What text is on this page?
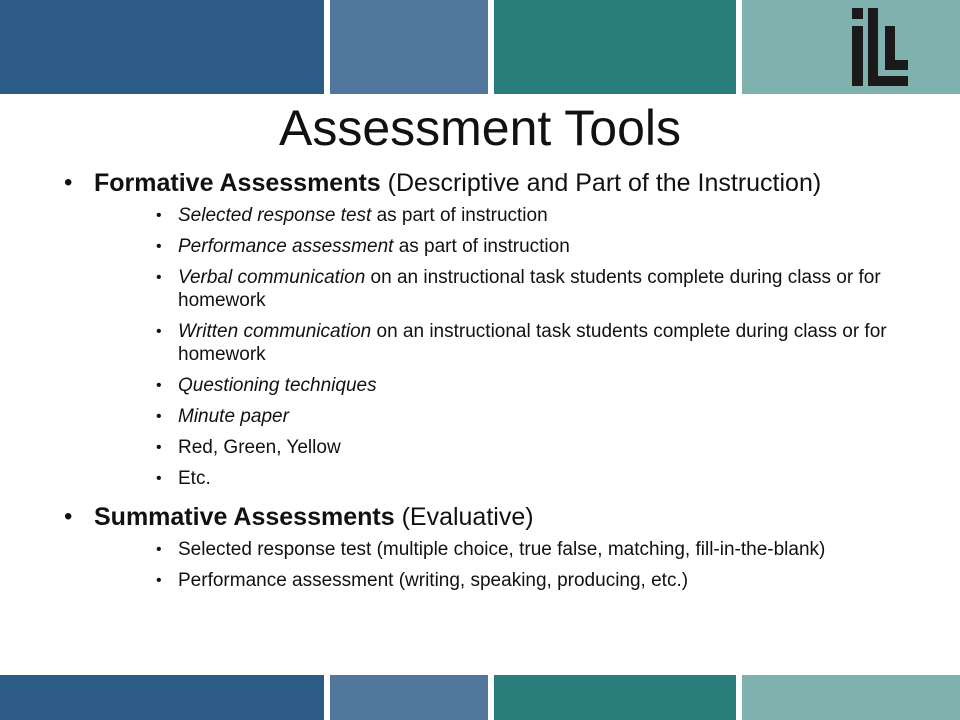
Assessment Tools
• Formative Assessments (Descriptive and Part of the Instruction)
• Selected response test as part of instruction
• Performance assessment as part of instruction
• Verbal communication on an instructional task students complete during class or for homework
• Written communication on an instructional task students complete during class or for homework
• Questioning techniques
• Minute paper
• Red, Green, Yellow
• Etc.
• Summative Assessments (Evaluative)
• Selected response test (multiple choice, true false, matching, fill-in-the-blank)
• Performance assessment (writing, speaking, producing, etc.)
